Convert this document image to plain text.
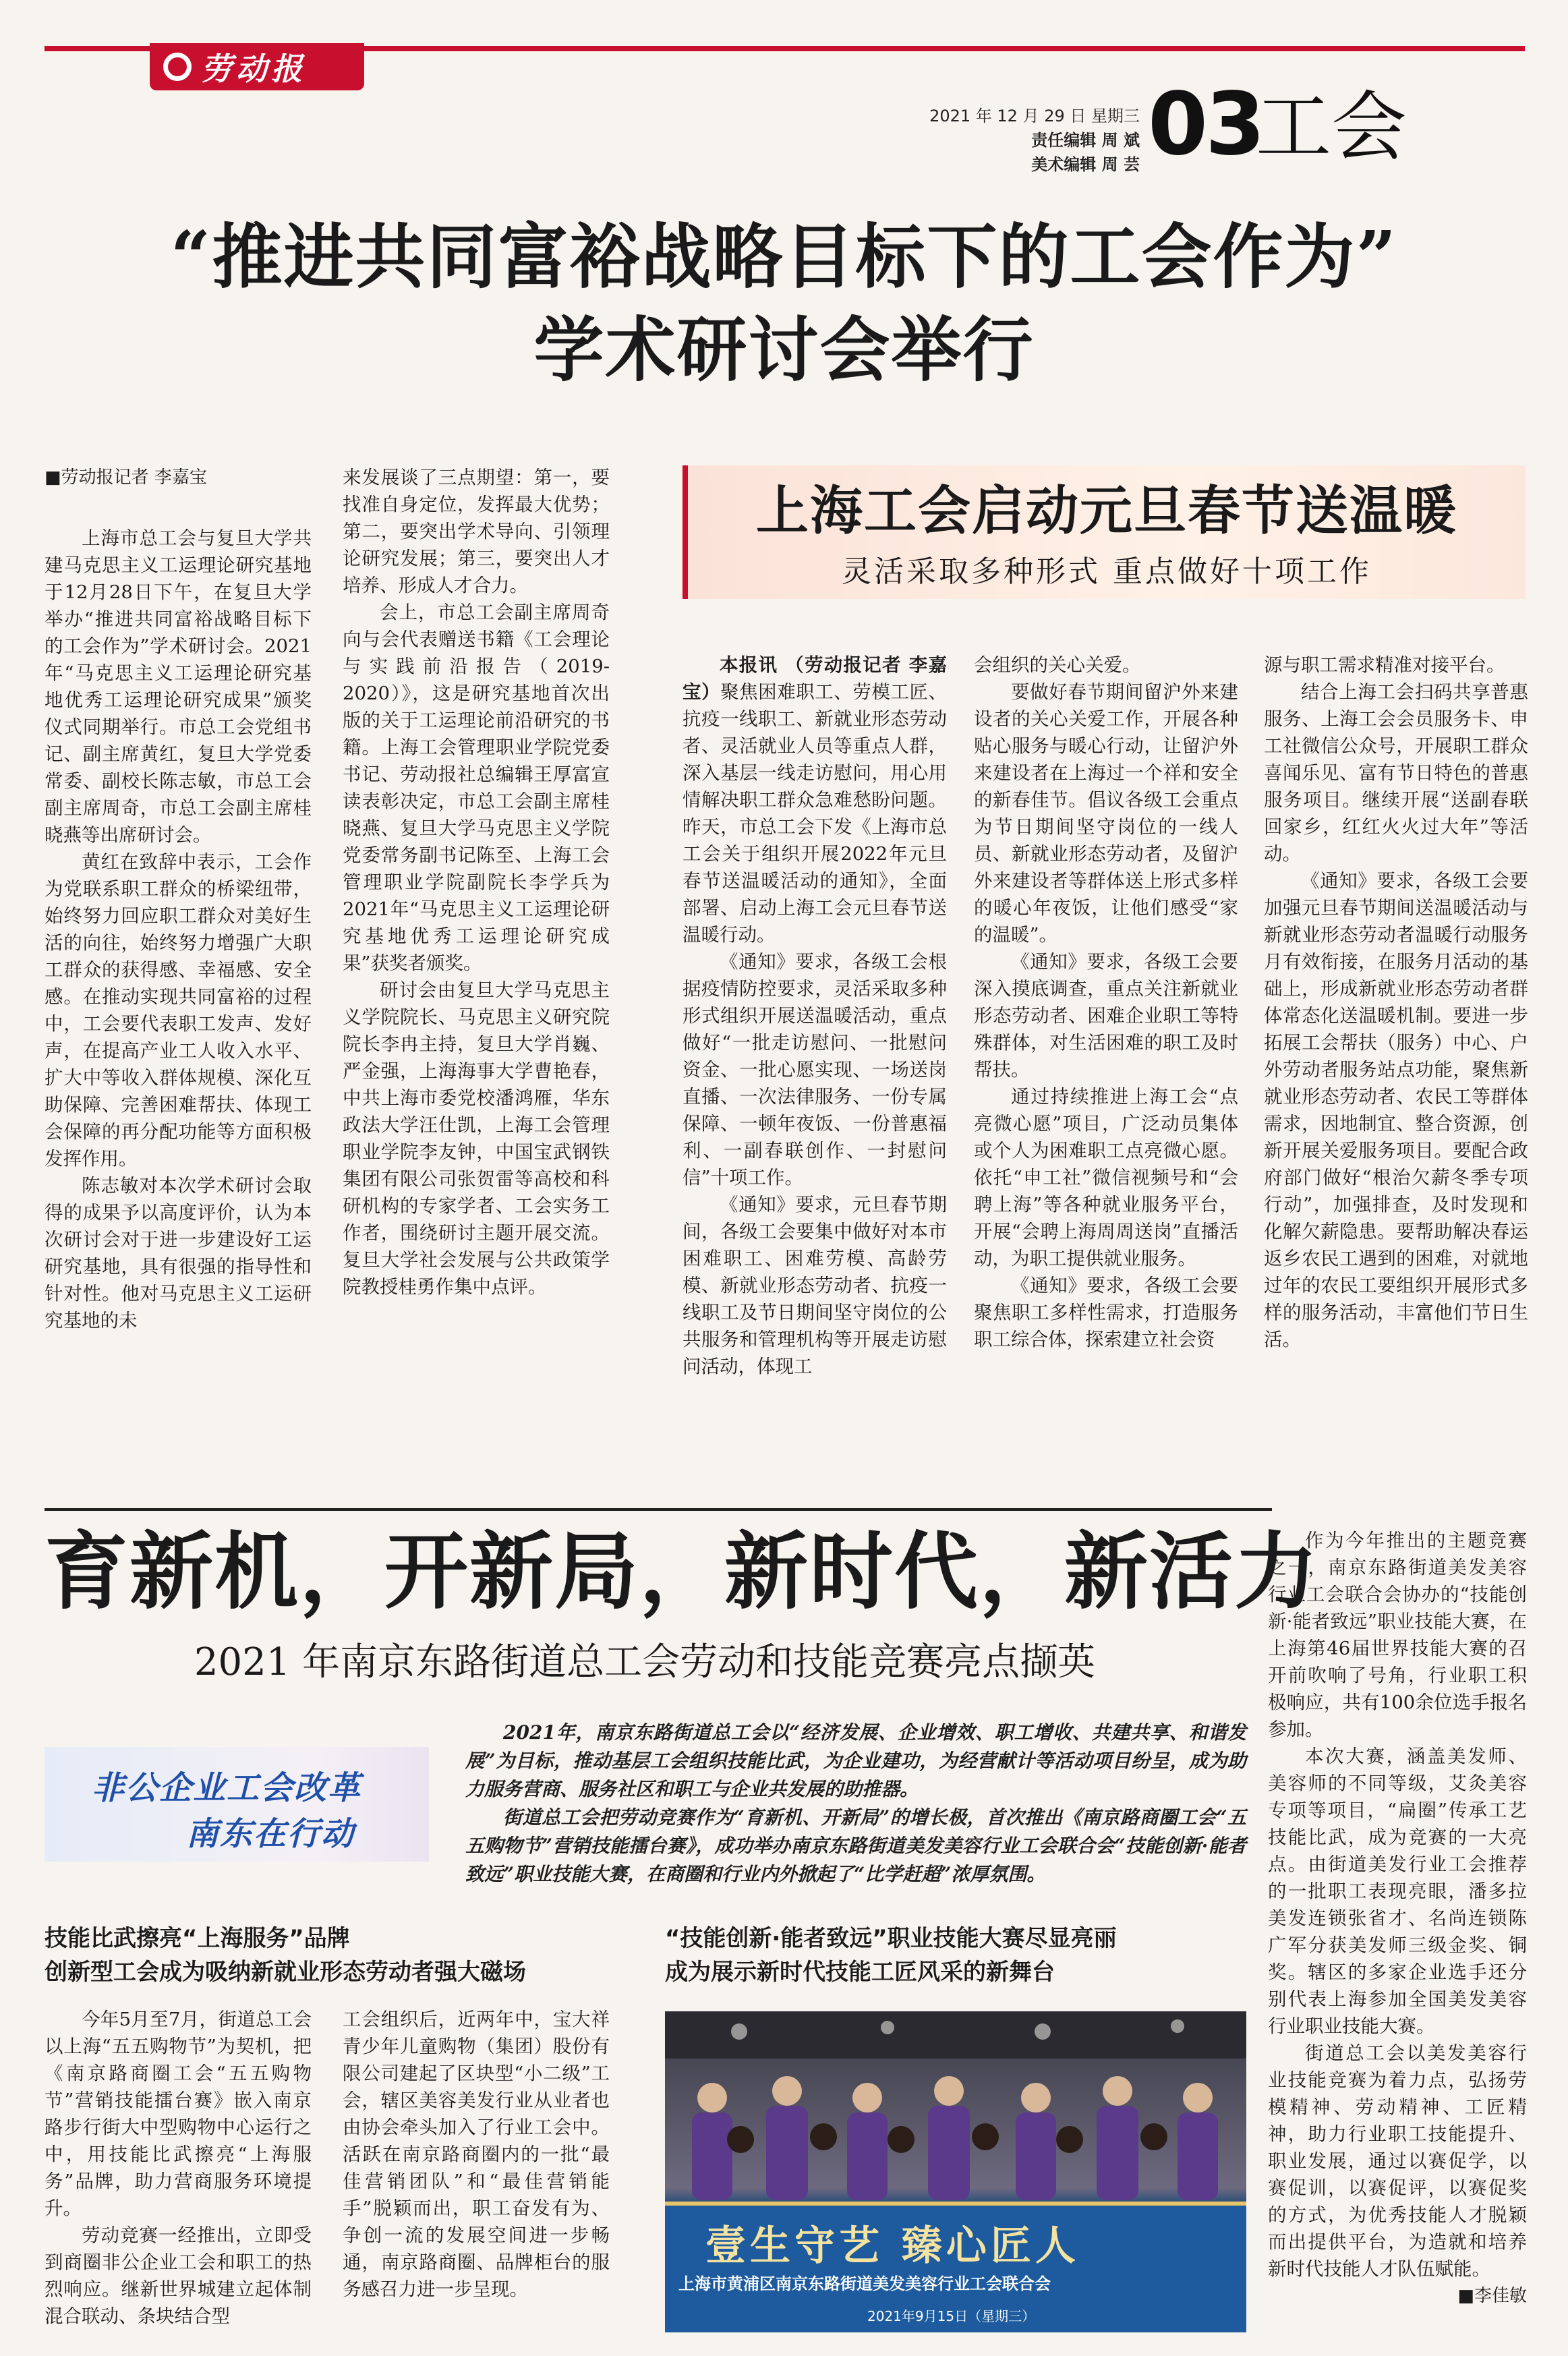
劳动报
2021 年 12 月 29 日 星期三
责任编辑 周 斌
美术编辑 周 芸 03
工会
“推进共同富裕战略目标下的工会作为”
学术研讨会举行

■劳动报记者 李嘉宝

上海市总工会与复旦大学共建马克思主义工运理论研究基地于12月28日下午，在复旦大学举办“推进共同富裕战略目标下的工会作为”学术研讨会。2021年“马克思主义工运理论研究基地优秀工运理论研究成果”颁奖仪式同期举行。市总工会党组书记、副主席黄红，复旦大学党委常委、副校长陈志敏，市总工会副主席周奇，市总工会副主席桂晓燕等出席研讨会。

黄红在致辞中表示，工会作为党联系职工群众的桥梁纽带，始终努力回应职工群众对美好生活的向往，始终努力增强广大职工群众的获得感、幸福感、安全感。在推动实现共同富裕的过程中，工会要代表职工发声、发好声，在提高产业工人收入水平、扩大中等收入群体规模、深化互助保障、完善困难帮扶、体现工会保障的再分配功能等方面积极发挥作用。

陈志敏对本次学术研讨会取得的成果予以高度评价，认为本次研讨会对于进一步建设好工运研究基地，具有很强的指导性和针对性。他对马克思主义工运研究基地的未

来发展谈了三点期望：第一，要找准自身定位，发挥最大优势；第二，要突出学术导向、引领理论研究发展；第三，要突出人才培养、形成人才合力。

会上，市总工会副主席周奇向与会代表赠送书籍《工会理论与实践前沿报告（2019-2020）》，这是研究基地首次出版的关于工运理论前沿研究的书籍。上海工会管理职业学院党委书记、劳动报社总编辑王厚富宣读表彰决定，市总工会副主席桂晓燕、复旦大学马克思主义学院党委常务副书记陈至、上海工会管理职业学院副院长李学兵为2021年“马克思主义工运理论研究基地优秀工运理论研究成果”获奖者颁奖。

研讨会由复旦大学马克思主义学院院长、马克思主义研究院院长李冉主持，复旦大学肖巍、严金强，上海海事大学曹艳春，中共上海市委党校潘鸿雁，华东政法大学汪仕凯，上海工会管理职业学院李友钟，中国宝武钢铁集团有限公司张贺雷等高校和科研机构的专家学者、工会实务工作者，围绕研讨主题开展交流。复旦大学社会发展与公共政策学院教授桂勇作集中点评。

上海工会启动元旦春节送温暖
灵活采取多种形式 重点做好十项工作

本报讯 （劳动报记者 李嘉宝）聚焦困难职工、劳模工匠、抗疫一线职工、新就业形态劳动者、灵活就业人员等重点人群，深入基层一线走访慰问，用心用情解决职工群众急难愁盼问题。昨天，市总工会下发《上海市总工会关于组织开展2022年元旦春节送温暖活动的通知》，全面部署、启动上海工会元旦春节送温暖行动。

《通知》要求，各级工会根据疫情防控要求，灵活采取多种形式组织开展送温暖活动，重点做好“一批走访慰问、一批慰问资金、一批心愿实现、一场送岗直播、一次法律服务、一份专属保障、一顿年夜饭、一份普惠福利、一副春联创作、一封慰问信”十项工作。

《通知》要求，元旦春节期间，各级工会要集中做好对本市困难职工、困难劳模、高龄劳模、新就业形态劳动者、抗疫一线职工及节日期间坚守岗位的公共服务和管理机构等开展走访慰问活动，体现工

会组织的关心关爱。

要做好春节期间留沪外来建设者的关心关爱工作，开展各种贴心服务与暖心行动，让留沪外来建设者在上海过一个祥和安全的新春佳节。倡议各级工会重点为节日期间坚守岗位的一线人员、新就业形态劳动者，及留沪外来建设者等群体送上形式多样的暖心年夜饭，让他们感受“家的温暖”。

《通知》要求，各级工会要深入摸底调查，重点关注新就业形态劳动者、困难企业职工等特殊群体，对生活困难的职工及时帮扶。

通过持续推进上海工会“点亮微心愿”项目，广泛动员集体或个人为困难职工点亮微心愿。依托“申工社”微信视频号和“会聘上海”等各种就业服务平台，开展“会聘上海周周送岗”直播活动，为职工提供就业服务。

《通知》要求，各级工会要聚焦职工多样性需求，打造服务职工综合体，探索建立社会资

源与职工需求精准对接平台。

结合上海工会扫码共享普惠服务、上海工会会员服务卡、申工社微信公众号，开展职工群众喜闻乐见、富有节日特色的普惠服务项目。继续开展“送副春联回家乡，红红火火过大年”等活动。

《通知》要求，各级工会要加强元旦春节期间送温暖活动与新就业形态劳动者温暖行动服务月有效衔接，在服务月活动的基础上，形成新就业形态劳动者群体常态化送温暖机制。要进一步拓展工会帮扶（服务）中心、户外劳动者服务站点功能，聚焦新就业形态劳动者、农民工等群体需求，因地制宜、整合资源，创新开展关爱服务项目。要配合政府部门做好“根治欠薪冬季专项行动”，加强排查，及时发现和化解欠薪隐患。要帮助解决春运返乡农民工遇到的困难，对就地过年的农民工要组织开展形式多样的服务活动，丰富他们节日生活。

育新机，开新局，新时代，新活力
2021 年南京东路街道总工会劳动和技能竞赛亮点撷英
非公企业工会改革
南东在行动

2021年，南京东路街道总工会以“经济发展、企业增效、职工增收、共建共享、和谐发展”为目标，推动基层工会组织技能比武，为企业建功，为经营献计等活动项目纷呈，成为助力服务营商、服务社区和职工与企业共发展的助推器。

街道总工会把劳动竞赛作为“育新机、开新局”的增长极，首次推出《南京路商圈工会“五五购物节”营销技能擂台赛》，成功举办南京东路街道美发美容行业工会联合会“技能创新·能者致远”职业技能大赛，在商圈和行业内外掀起了“比学赶超”浓厚氛围。

技能比武擦亮“上海服务”品牌
创新型工会成为吸纳新就业形态劳动者强大磁场

今年5月至7月，街道总工会以上海“五五购物节”为契机，把《南京路商圈工会“五五购物节”营销技能擂台赛》嵌入南京路步行街大中型购物中心运行之中，用技能比武擦亮“上海服务”品牌，助力营商服务环境提升。

劳动竞赛一经推出，立即受到商圈非公企业工会和职工的热烈响应。继新世界城建立起体制混合联动、条块结合型

工会组织后，近两年中，宝大祥青少年儿童购物（集团）股份有限公司建起了区块型“小二级”工会，辖区美容美发行业从业者也由协会牵头加入了行业工会中。活跃在南京路商圈内的一批“最佳营销团队”和“最佳营销能手”脱颖而出，职工奋发有为、争创一流的发展空间进一步畅通，南京路商圈、品牌柜台的服务感召力进一步呈现。

“技能创新·能者致远”职业技能大赛尽显亮丽
成为展示新时代技能工匠风采的新舞台
壹生守艺 臻心匠人
上海市黄浦区南京东路街道美发美容行业工会联合会
2021年9月15日（星期三）

作为今年推出的主题竞赛之一，南京东路街道美发美容行业工会联合会协办的“技能创新·能者致远”职业技能大赛，在上海第46届世界技能大赛的召开前吹响了号角，行业职工积极响应，共有100余位选手报名参加。

本次大赛，涵盖美发师、美容师的不同等级，艾灸美容专项等项目，“扁圈”传承工艺技能比武，成为竞赛的一大亮点。由街道美发行业工会推荐的一批职工表现亮眼，潘多拉美发连锁张省才、名尚连锁陈广军分获美发师三级金奖、铜奖。辖区的多家企业选手还分别代表上海参加全国美发美容行业职业技能大赛。

街道总工会以美发美容行业技能竞赛为着力点，弘扬劳模精神、劳动精神、工匠精神，助力行业职工技能提升、职业发展，通过以赛促学，以赛促训，以赛促评，以赛促奖的方式，为优秀技能人才脱颖而出提供平台，为造就和培养新时代技能人才队伍赋能。

■李佳敏
